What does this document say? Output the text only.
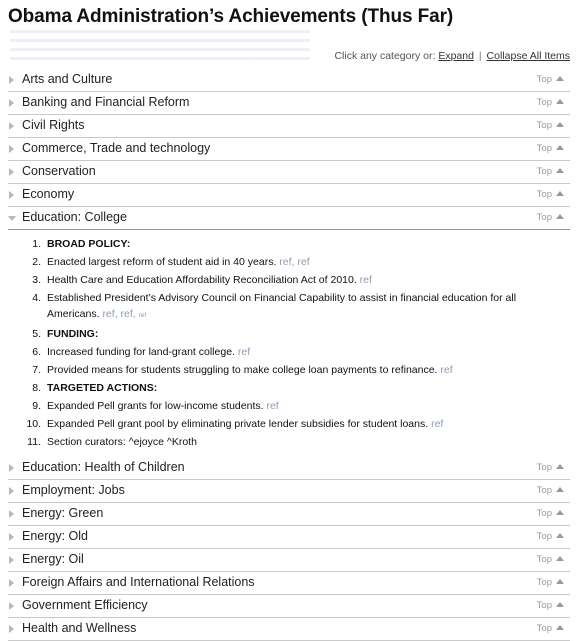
Obama Administration’s Achievements (Thus Far)
Click any category or: Expand | Collapse All Items
Arts and Culture	Top
Banking and Financial Reform	Top
Civil Rights	Top
Commerce, Trade and technology	Top
Conservation	Top
Economy	Top
Education: College	Top
1. BROAD POLICY:
2. Enacted largest reform of student aid in 40 years. ref, ref
3. Health Care and Education Affordability Reconciliation Act of 2010. ref
4. Established President’s Advisory Council on Financial Capability to assist in financial education for all Americans. ref, ref, ref
5. FUNDING:
6. Increased funding for land-grant college. ref
7. Provided means for students struggling to make college loan payments to refinance. ref
8. TARGETED ACTIONS:
9. Expanded Pell grants for low-income students. ref
10. Expanded Pell grant pool by eliminating private lender subsidies for student loans. ref
11. Section curators: ^ejoyce ^Kroth
Education: Health of Children	Top
Employment: Jobs	Top
Energy: Green	Top
Energy: Old	Top
Energy: Oil	Top
Foreign Affairs and International Relations	Top
Government Efficiency	Top
Health and Wellness	Top
